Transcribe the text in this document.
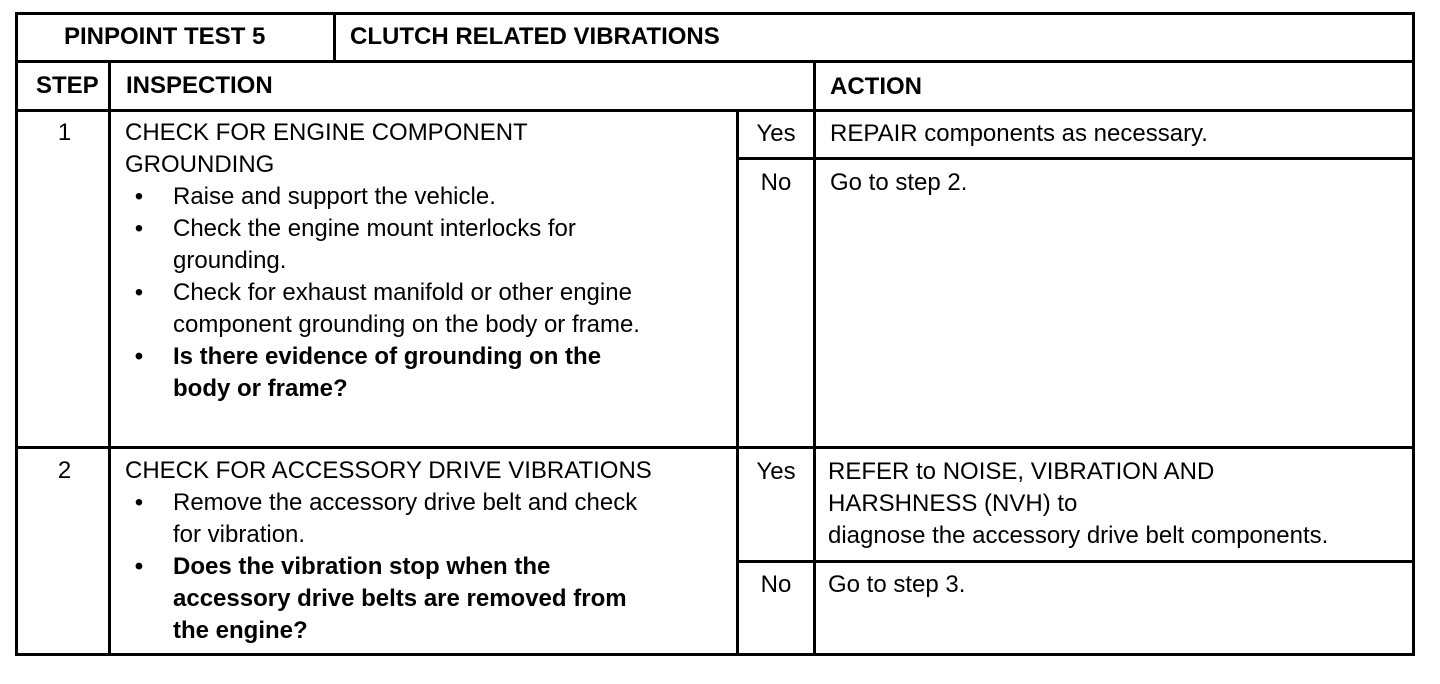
PINPOINT TEST 5	CLUTCH RELATED VIBRATIONS
STEP INSPECTION	ACTION
1	CHECK FOR ENGINE COMPONENT
GROUNDING
• Raise and support the vehicle.
• Check the engine mount interlocks for
grounding.
• Check for exhaust manifold or other engine
component grounding on the body or frame.
• Is there evidence of grounding on the
body or frame?
Yes	REPAIR components as necessary.
No	Go to step 2.
2	CHECK FOR ACCESSORY DRIVE VIBRATIONS
• Remove the accessory drive belt and check
for vibration.
• Does the vibration stop when the
accessory drive belts are removed from
the engine?
Yes	REFER to NOISE, VIBRATION AND
HARSHNESS (NVH) to
diagnose the accessory drive belt components.
No	Go to step 3.
